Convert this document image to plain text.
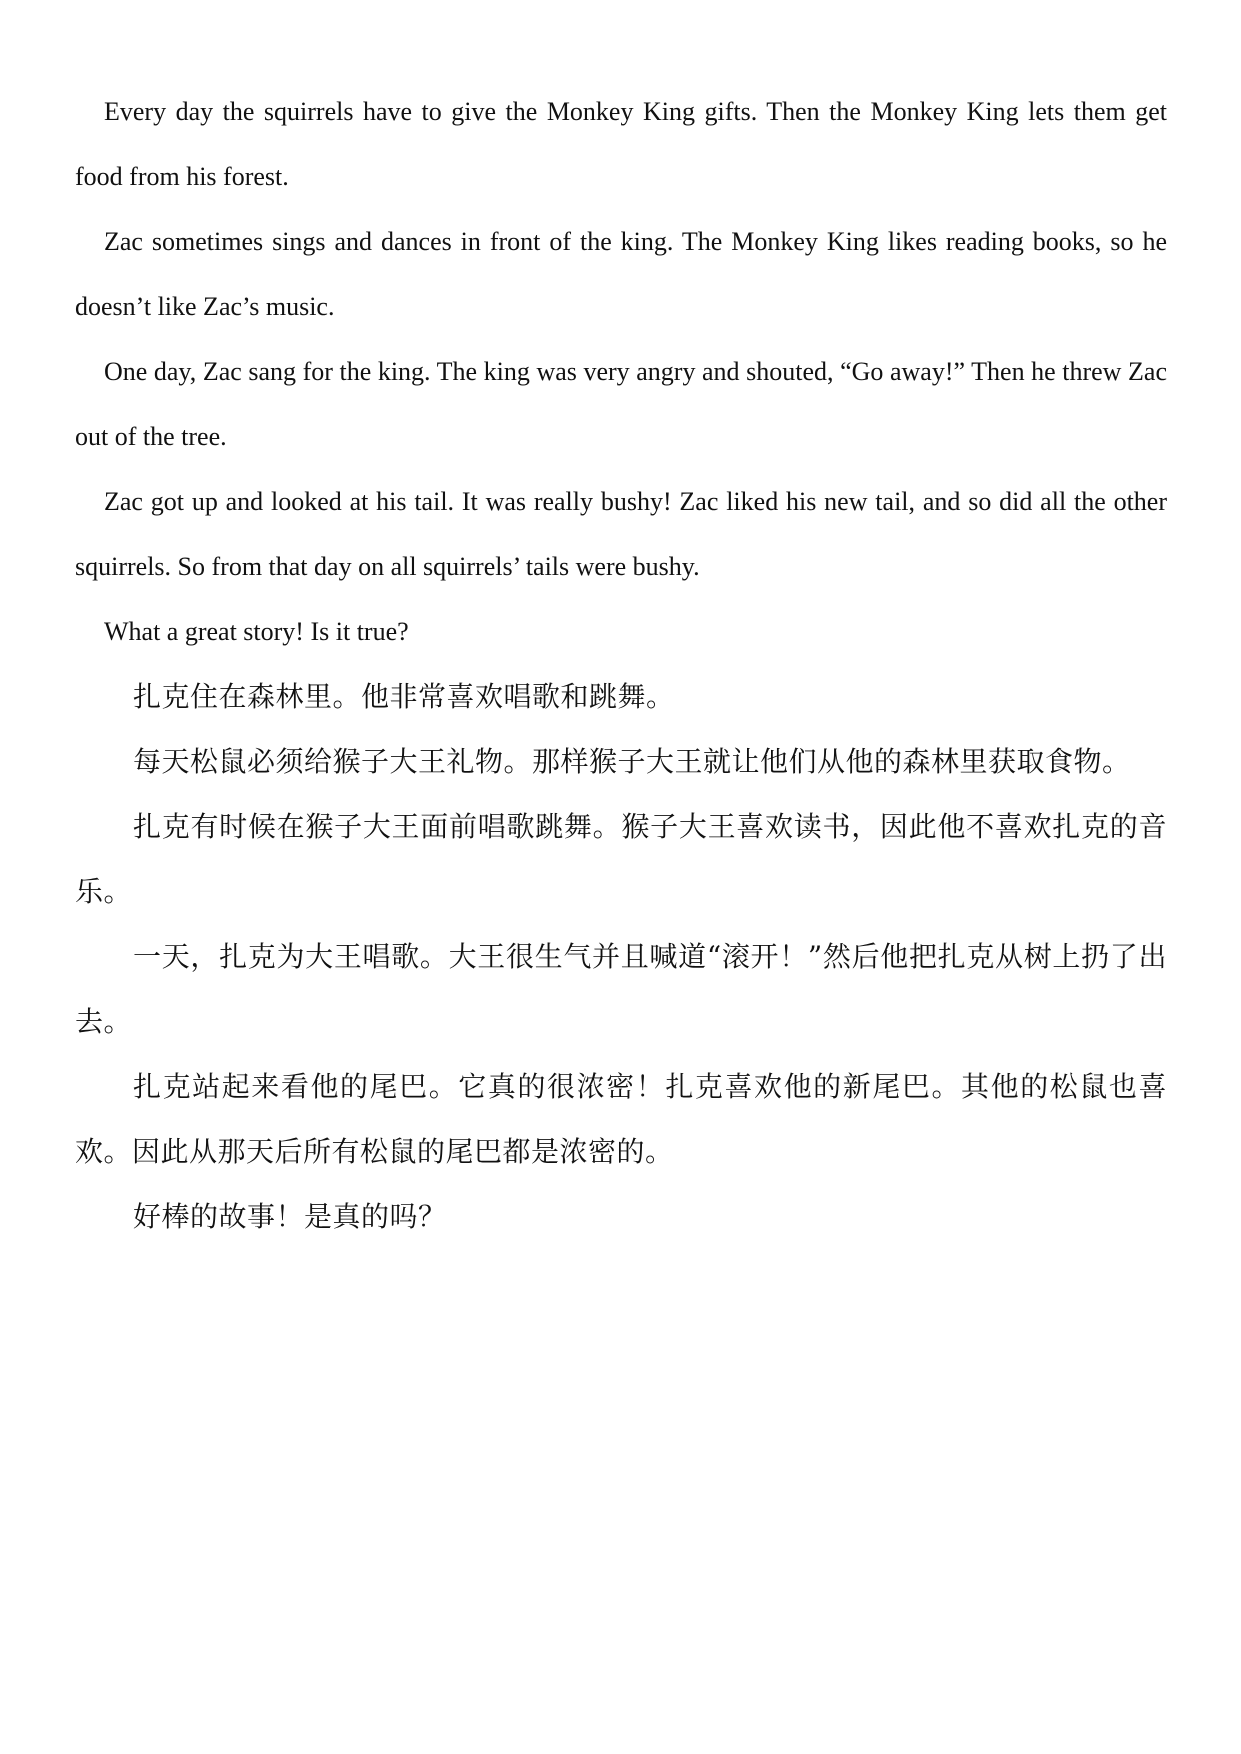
Every day the squirrels have to give the Monkey King gifts. Then the Monkey King lets them get food from his forest.

Zac sometimes sings and dances in front of the king. The Monkey King likes reading books, so he doesn’t like Zac’s music.

One day, Zac sang for the king. The king was very angry and shouted, “Go away!” Then he threw Zac out of the tree.

Zac got up and looked at his tail. It was really bushy! Zac liked his new tail, and so did all the other squirrels. So from that day on all squirrels’ tails were bushy.

What a great story! Is it true?

扎克住在森林里。他非常喜欢唱歌和跳舞。

每天松鼠必须给猴子大王礼物。那样猴子大王就让他们从他的森林里获取食物。

扎克有时候在猴子大王面前唱歌跳舞。猴子大王喜欢读书，因此他不喜欢扎克的音乐。

一天，扎克为大王唱歌。大王很生气并且喊道“滚开！”然后他把扎克从树上扔了出去。

扎克站起来看他的尾巴。它真的很浓密！扎克喜欢他的新尾巴。其他的松鼠也喜欢。因此从那天后所有松鼠的尾巴都是浓密的。

好棒的故事！是真的吗？
